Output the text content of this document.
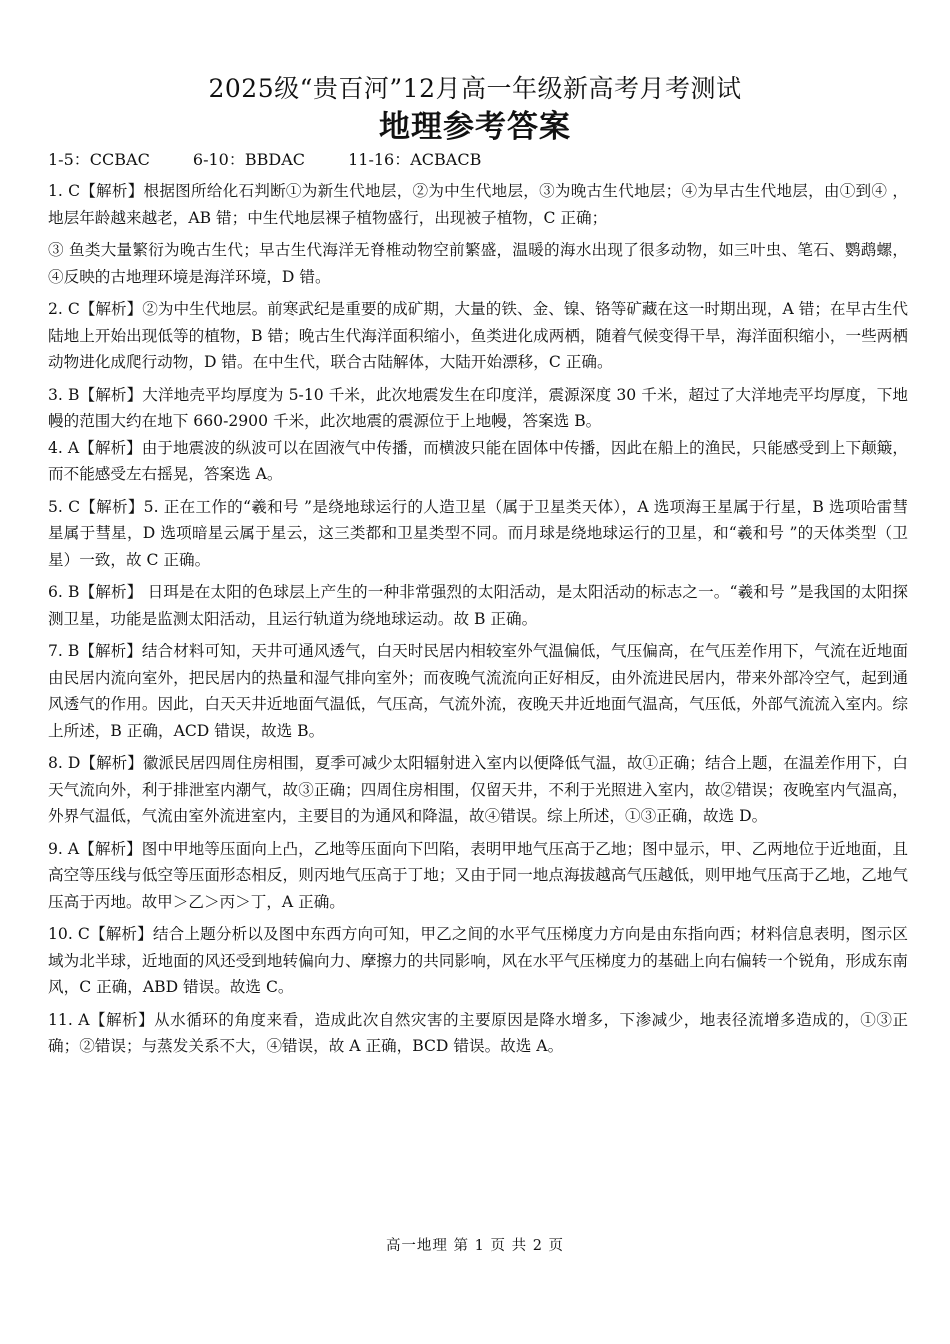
2025级“贵百河”12月高一年级新高考月考测试
地理参考答案
1-5：CCBAC	6-10：BBDAC	11-16：ACBACB

1. C【解析】根据图所给化石判断①为新生代地层，②为中生代地层，③为晚古生代地层；④为早古生代地层，由①到④ ， 地层年龄越来越老，AB 错；中生代地层裸子植物盛行，出现被子植物，C 正确；

③ 鱼类大量繁衍为晚古生代；早古生代海洋无脊椎动物空前繁盛，温暖的海水出现了很多动物，如三叶虫、笔石、鹦鹉螺，④反映的古地理环境是海洋环境，D 错。

2. C【解析】②为中生代地层。前寒武纪是重要的成矿期，大量的铁、金、镍、铬等矿藏在这一时期出现，A 错；在早古生代陆地上开始出现低等的植物，B 错；晚古生代海洋面积缩小，鱼类进化成两栖，随着气候变得干旱，海洋面积缩小，一些两栖动物进化成爬行动物，D 错。在中生代，联合古陆解体，大陆开始漂移，C 正确。

3. B【解析】大洋地壳平均厚度为 5-10 千米，此次地震发生在印度洋，震源深度 30 千米，超过了大洋地壳平均厚度，下地幔的范围大约在地下 660-2900 千米，此次地震的震源位于上地幔，答案选 B。

4. A【解析】由于地震波的纵波可以在固液气中传播，而横波只能在固体中传播，因此在船上的渔民，只能感受到上下颠簸，而不能感受左右摇晃，答案选 A。

5. C【解析】5. 正在工作的“羲和号 ”是绕地球运行的人造卫星（属于卫星类天体），A 选项海王星属于行星，B 选项哈雷彗星属于彗星，D 选项暗星云属于星云，这三类都和卫星类型不同。而月球是绕地球运行的卫星，和“羲和号 ”的天体类型（卫星）一致，故 C 正确。

6. B【解析】 日珥是在太阳的色球层上产生的一种非常强烈的太阳活动，是太阳活动的标志之一。“羲和号 ”是我国的太阳探测卫星，功能是监测太阳活动，且运行轨道为绕地球运动。故 B 正确。

7. B【解析】结合材料可知，天井可通风透气，白天时民居内相较室外气温偏低，气压偏高，在气压差作用下，气流在近地面由民居内流向室外，把民居内的热量和湿气排向室外；而夜晚气流流向正好相反，由外流进民居内，带来外部冷空气，起到通风透气的作用。因此，白天天井近地面气温低，气压高，气流外流，夜晚天井近地面气温高，气压低，外部气流流入室内。综上所述，B 正确，ACD 错误，故选 B。

8. D【解析】徽派民居四周住房相围，夏季可减少太阳辐射进入室内以便降低气温，故①正确；结合上题，在温差作用下，白天气流向外，利于排泄室内潮气，故③正确；四周住房相围，仅留天井，不利于光照进入室内，故②错误；夜晚室内气温高，外界气温低，气流由室外流进室内，主要目的为通风和降温，故④错误。综上所述，①③正确，故选 D。

9. A【解析】图中甲地等压面向上凸，乙地等压面向下凹陷，表明甲地气压高于乙地；图中显示，甲、乙两地位于近地面，且高空等压线与低空等压面形态相反，则丙地气压高于丁地；又由于同一地点海拔越高气压越低，则甲地气压高于乙地，乙地气压高于丙地。故甲＞乙＞丙＞丁，A 正确。

10. C【解析】结合上题分析以及图中东西方向可知，甲乙之间的水平气压梯度力方向是由东指向西；材料信息表明，图示区域为北半球，近地面的风还受到地转偏向力、摩擦力的共同影响，风在水平气压梯度力的基础上向右偏转一个锐角，形成东南风，C 正确，ABD 错误。故选 C。

11. A【解析】从水循环的角度来看，造成此次自然灾害的主要原因是降水增多，下渗减少，地表径流增多造成的，①③正确；②错误；与蒸发关系不大，④错误，故 A 正确，BCD 错误。故选 A。

高一地理 第 1 页 共 2 页
